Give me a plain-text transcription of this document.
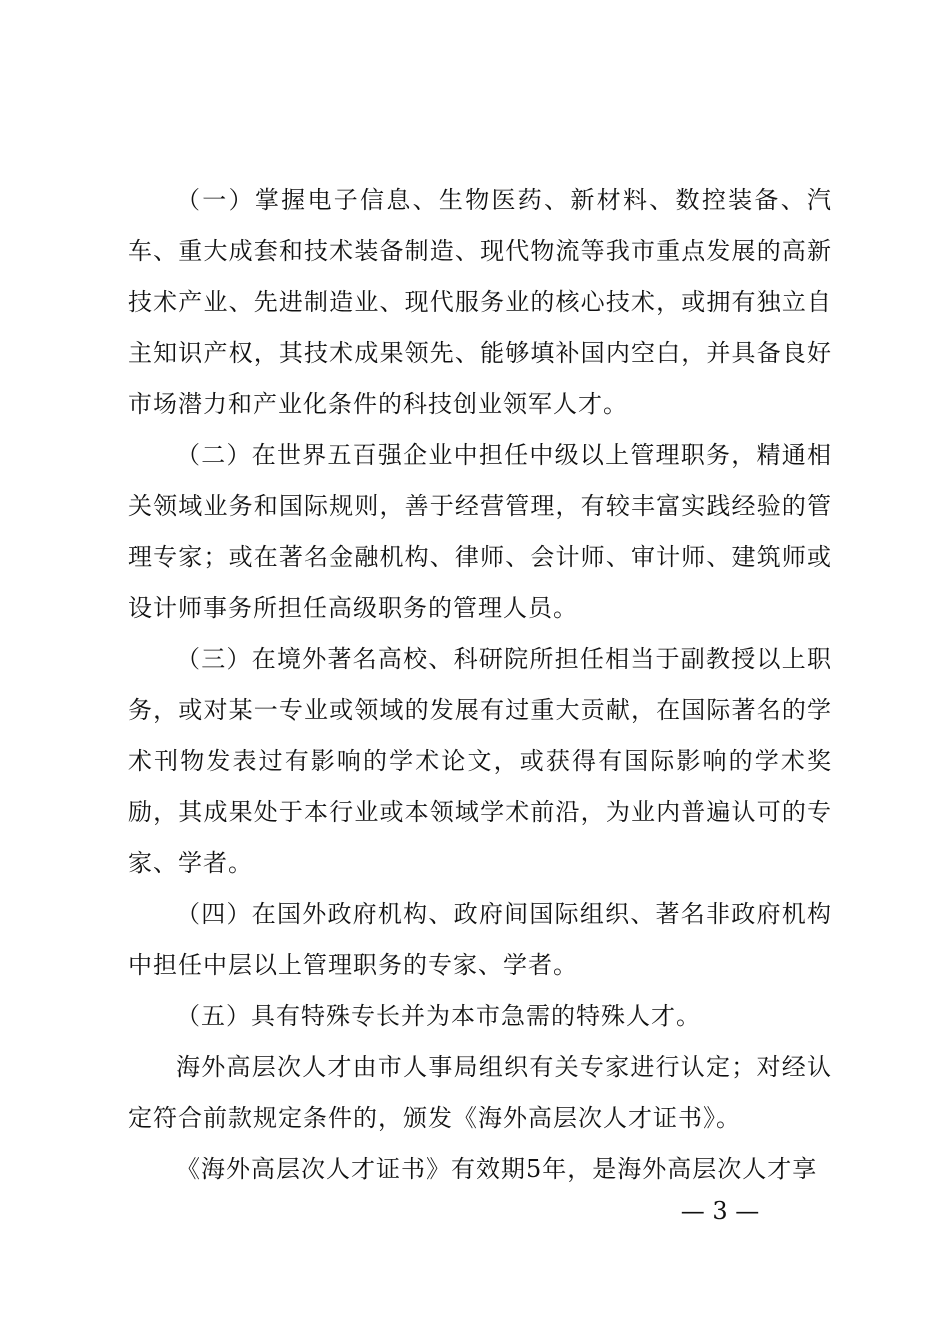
（一）掌握电子信息、生物医药、新材料、数控装备、汽车、重大成套和技术装备制造、现代物流等我市重点发展的高新技术产业、先进制造业、现代服务业的核心技术，或拥有独立自主知识产权，其技术成果领先、能够填补国内空白，并具备良好市场潜力和产业化条件的科技创业领军人才。

（二）在世界五百强企业中担任中级以上管理职务，精通相关领域业务和国际规则，善于经营管理，有较丰富实践经验的管理专家；或在著名金融机构、律师、会计师、审计师、建筑师或设计师事务所担任高级职务的管理人员。

（三）在境外著名高校、科研院所担任相当于副教授以上职务，或对某一专业或领域的发展有过重大贡献，在国际著名的学术刊物发表过有影响的学术论文，或获得有国际影响的学术奖励，其成果处于本行业或本领域学术前沿，为业内普遍认可的专家、学者。

（四）在国外政府机构、政府间国际组织、著名非政府机构中担任中层以上管理职务的专家、学者。

（五）具有特殊专长并为本市急需的特殊人才。

海外高层次人才由市人事局组织有关专家进行认定；对经认定符合前款规定条件的，颁发《海外高层次人才证书》。

《海外高层次人才证书》有效期5年，是海外高层次人才享

— 3 —
